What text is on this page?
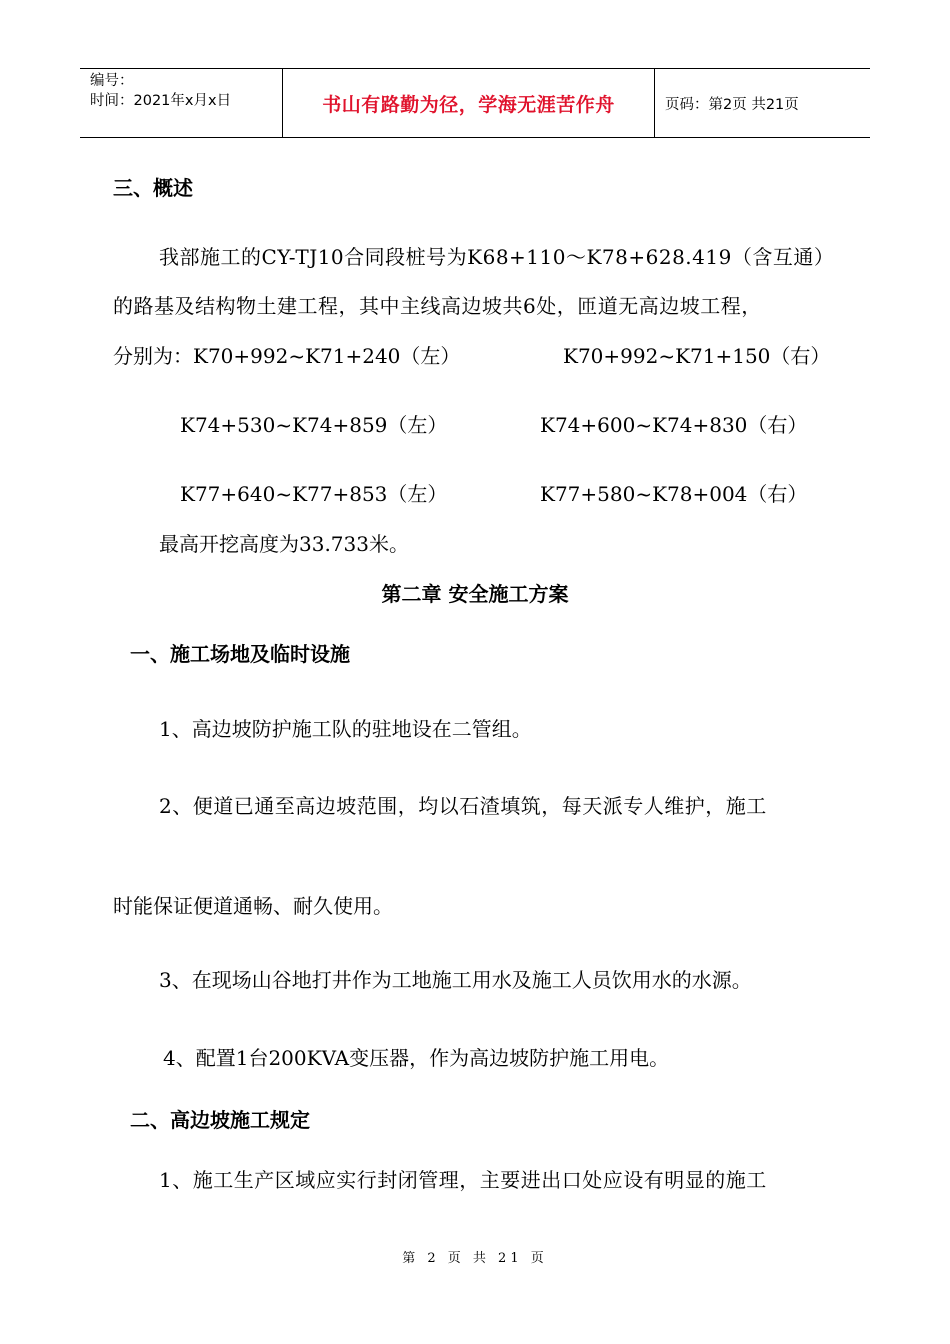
编号：
时间：2021年x月x日	书山有路勤为径，学海无涯苦作舟	页码：第2页 共21页
三、概述
我部施工的CY-TJ10合同段桩号为K68+110～K78+628.419（含互通）
的路基及结构物土建工程，其中主线高边坡共6处，匝道无高边坡工程，
分别为：K70+992~K71+240（左）	K70+992~K71+150（右）
K74+530~K74+859（左）	K74+600~K74+830（右）
K77+640~K77+853（左）	K77+580~K78+004（右）
最高开挖高度为33.733米。
第二章 安全施工方案
一、施工场地及临时设施
1、高边坡防护施工队的驻地设在二管组。
2、便道已通至高边坡范围，均以石渣填筑，每天派专人维护，施工
时能保证便道通畅、耐久使用。
3、在现场山谷地打井作为工地施工用水及施工人员饮用水的水源。
4、配置1台200KVA变压器，作为高边坡防护施工用电。
二、高边坡施工规定
1、施工生产区域应实行封闭管理，主要进出口处应设有明显的施工
第 2 页 共 21 页
